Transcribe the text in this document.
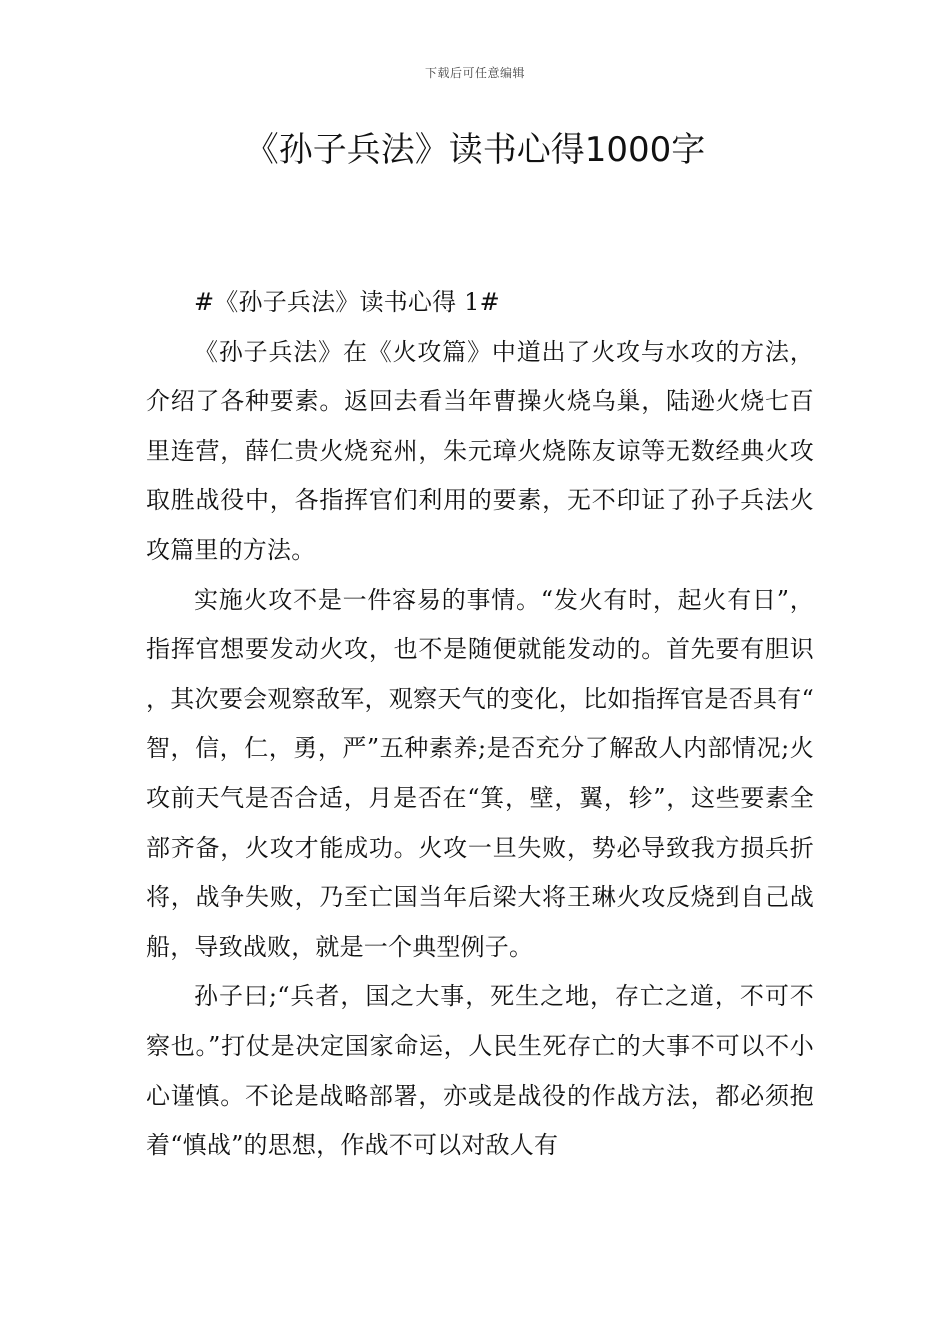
下载后可任意编辑
《孙子兵法》读书心得1000字
#《孙子兵法》读书心得 1#

《孙子兵法》在《火攻篇》中道出了火攻与水攻的方法，介绍了各种要素。返回去看当年曹操火烧乌巢，陆逊火烧七百里连营，薛仁贵火烧兖州，朱元璋火烧陈友谅等无数经典火攻取胜战役中，各指挥官们利用的要素，无不印证了孙子兵法火攻篇里的方法。

实施火攻不是一件容易的事情。“发火有时，起火有日”，指挥官想要发动火攻，也不是随便就能发动的。首先要有胆识，其次要会观察敌军，观察天气的变化，比如指挥官是否具有“智，信，仁，勇，严”五种素养;是否充分了解敌人内部情况;火攻前天气是否合适，月是否在“箕，壁，翼，轸”，这些要素全部齐备，火攻才能成功。火攻一旦失败，势必导致我方损兵折将，战争失败，乃至亡国当年后梁大将王琳火攻反烧到自己战船，导致战败，就是一个典型例子。

孙子曰;“兵者，国之大事，死生之地，存亡之道，不可不察也。”打仗是决定国家命运，人民生死存亡的大事不可以不小心谨慎。不论是战略部署，亦或是战役的作战方法，都必须抱着“慎战”的思想，作战不可以对敌人有
